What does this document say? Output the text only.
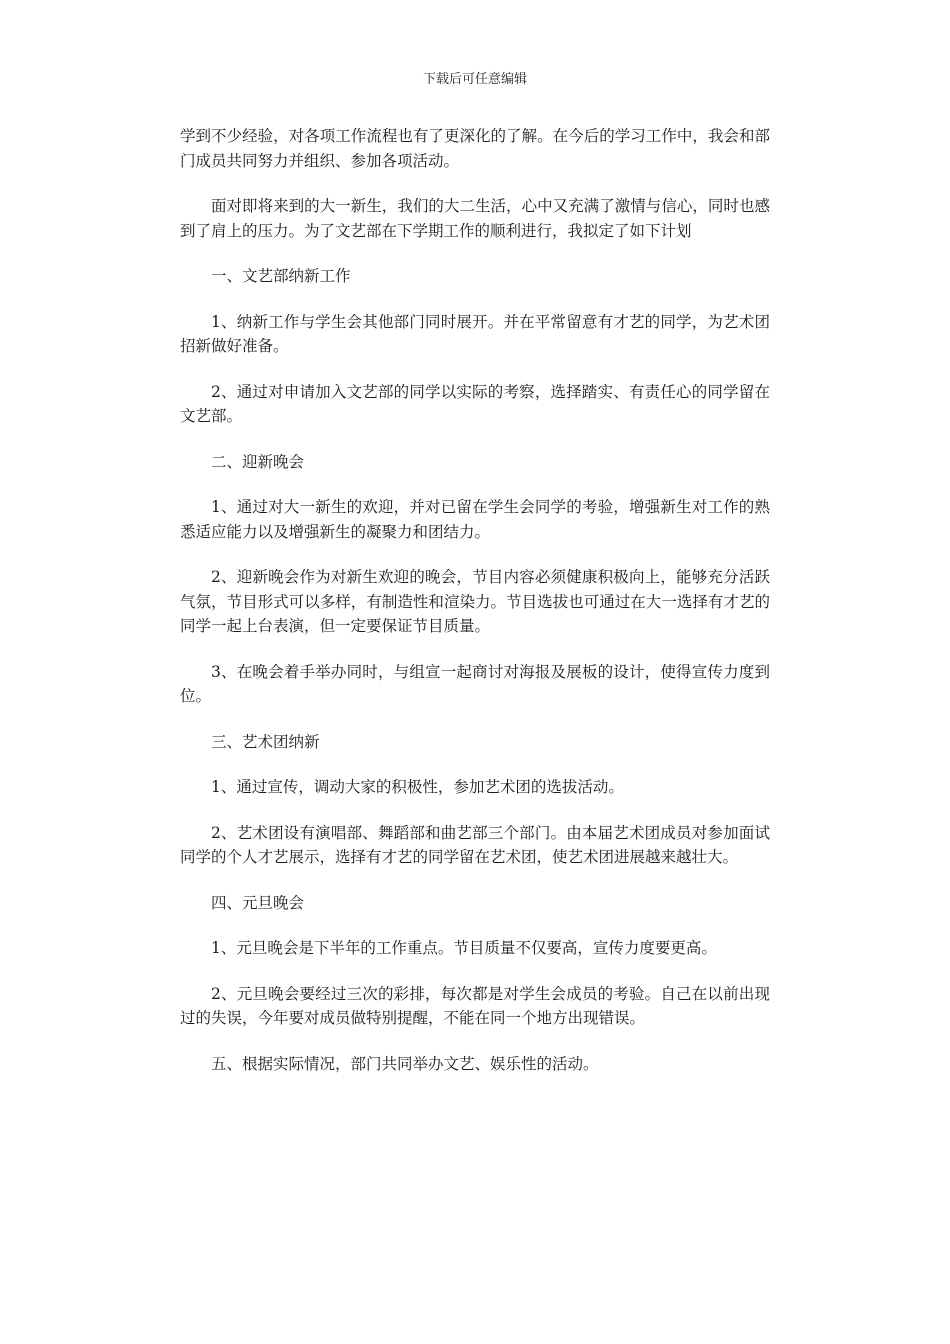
下载后可任意编辑

学到不少经验，对各项工作流程也有了更深化的了解。在今后的学习工作中，我会和部门成员共同努力并组织、参加各项活动。

面对即将来到的大一新生，我们的大二生活，心中又充满了激情与信心，同时也感到了肩上的压力。为了文艺部在下学期工作的顺利进行，我拟定了如下计划

一、文艺部纳新工作

1、纳新工作与学生会其他部门同时展开。并在平常留意有才艺的同学，为艺术团招新做好准备。

2、通过对申请加入文艺部的同学以实际的考察，选择踏实、有责任心的同学留在文艺部。

二、迎新晚会

1、通过对大一新生的欢迎，并对已留在学生会同学的考验，增强新生对工作的熟悉适应能力以及增强新生的凝聚力和团结力。

2、迎新晚会作为对新生欢迎的晚会，节目内容必须健康积极向上，能够充分活跃气氛，节目形式可以多样，有制造性和渲染力。节目选拔也可通过在大一选择有才艺的同学一起上台表演，但一定要保证节目质量。

3、在晚会着手举办同时，与组宣一起商讨对海报及展板的设计，使得宣传力度到位。

三、艺术团纳新

1、通过宣传，调动大家的积极性，参加艺术团的选拔活动。

2、艺术团设有演唱部、舞蹈部和曲艺部三个部门。由本届艺术团成员对参加面试同学的个人才艺展示，选择有才艺的同学留在艺术团，使艺术团进展越来越壮大。

四、元旦晚会

1、元旦晚会是下半年的工作重点。节目质量不仅要高，宣传力度要更高。

2、元旦晚会要经过三次的彩排，每次都是对学生会成员的考验。自己在以前出现过的失误，今年要对成员做特别提醒，不能在同一个地方出现错误。

五、根据实际情况，部门共同举办文艺、娱乐性的活动。
